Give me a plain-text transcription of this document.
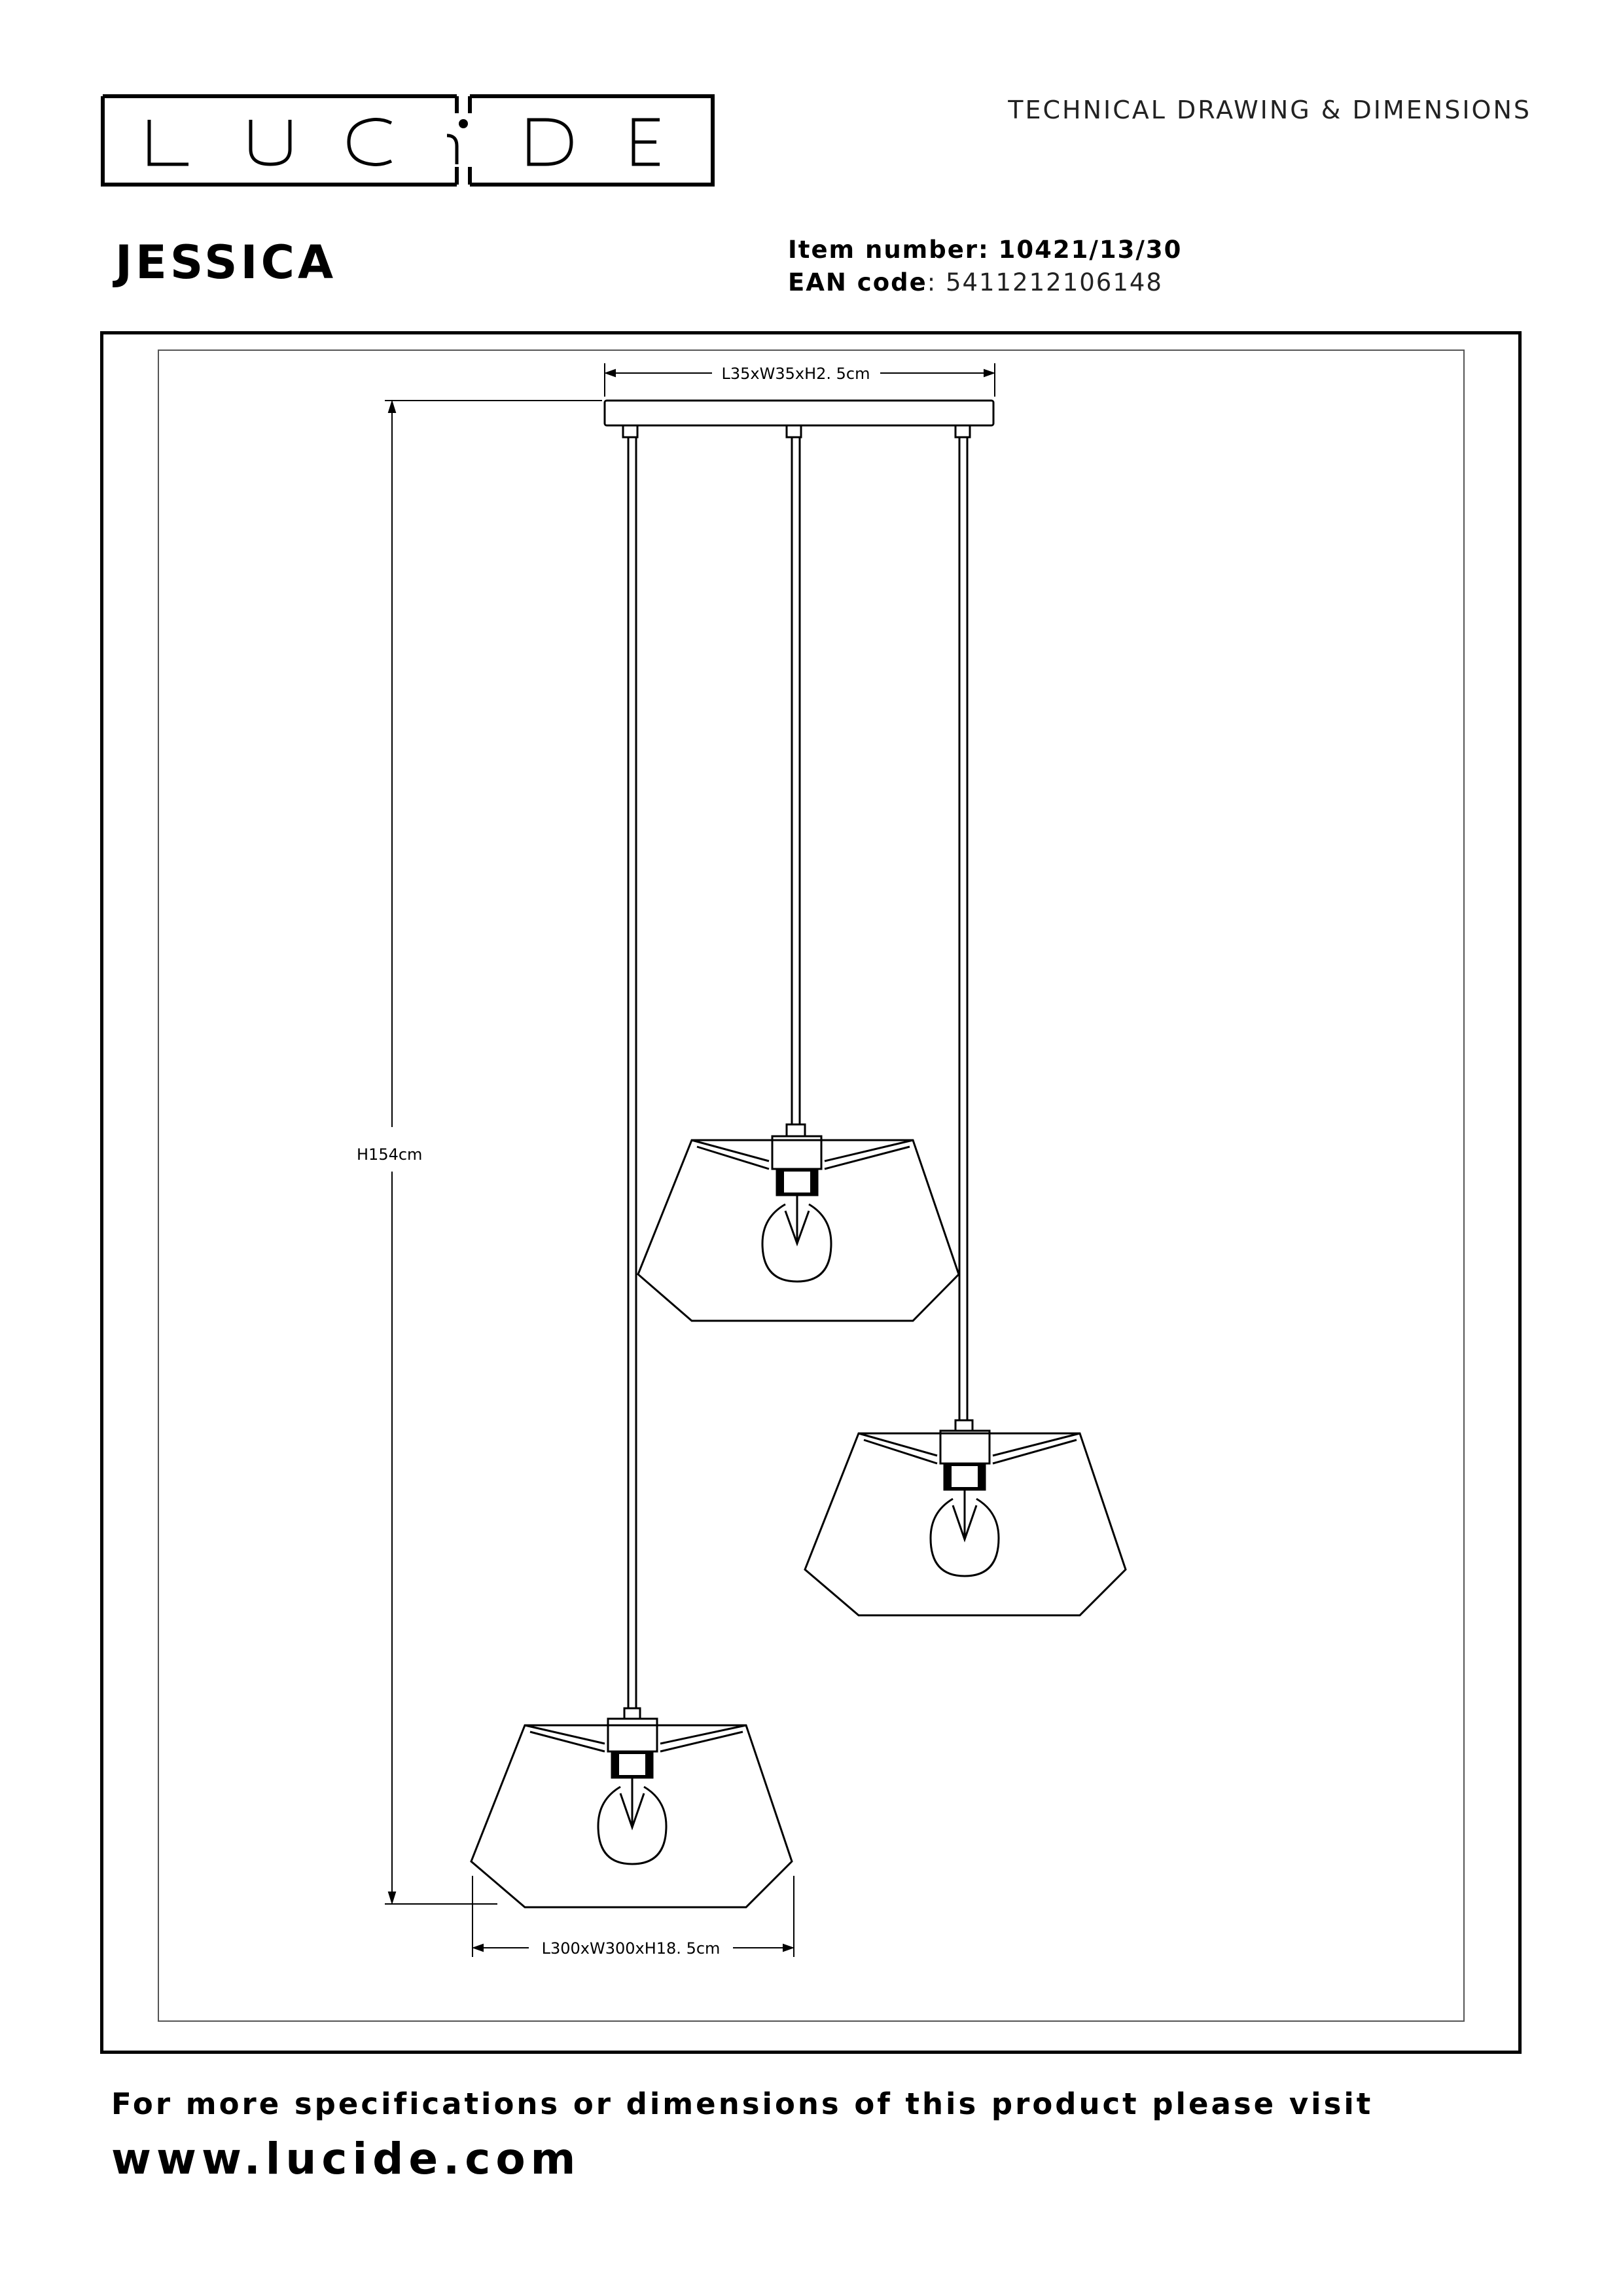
TECHNICAL DRAWING & DIMENSIONS
JESSICA	Item number: 10421/13/30
EAN code: 5411212106148
L35xW35xH2. 5cm
H154cm
L300xW300xH18. 5cm
For more specifications or dimensions of this product please visit
www.lucide.com
